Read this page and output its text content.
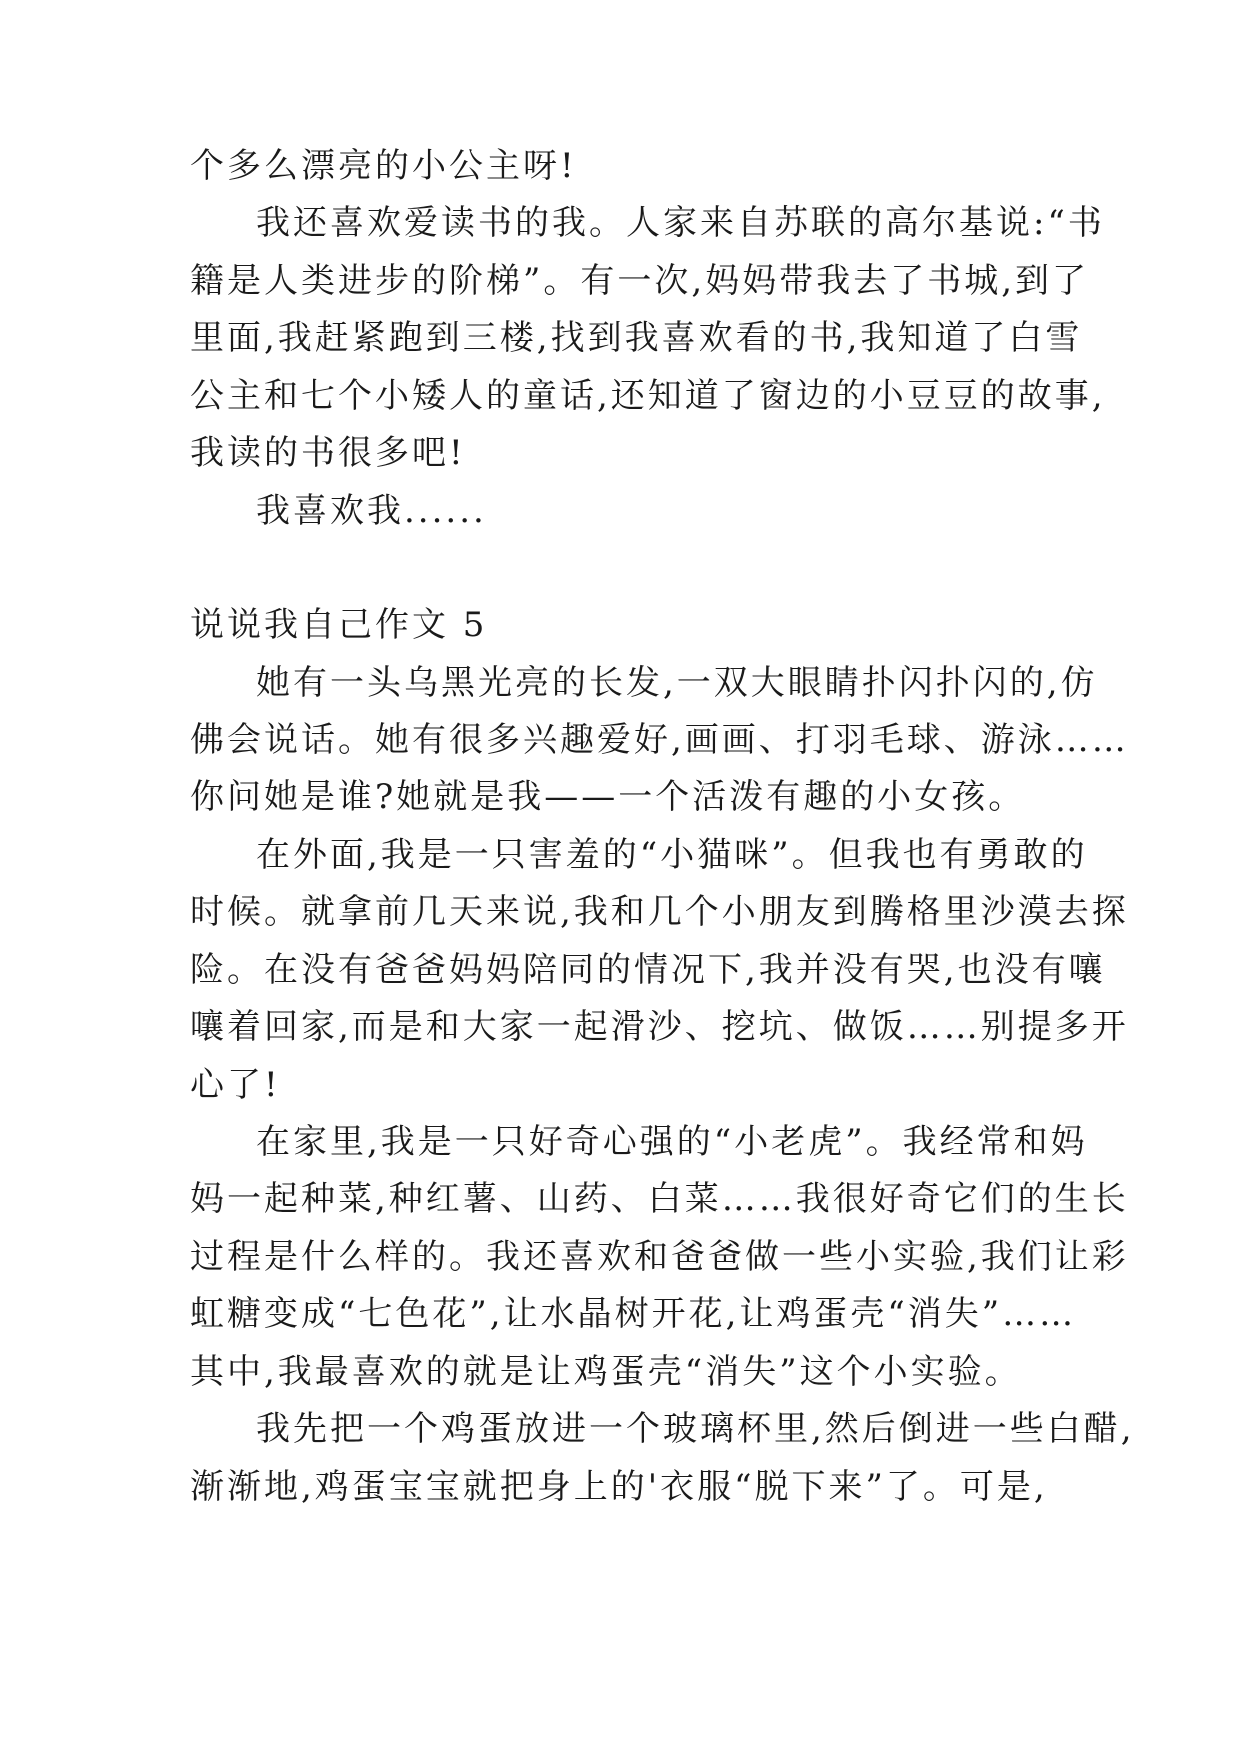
个多么漂亮的小公主呀!
我还喜欢爱读书的我。人家来自苏联的高尔基说:“书
籍是人类进步的阶梯”。有一次,妈妈带我去了书城,到了
里面,我赶紧跑到三楼,找到我喜欢看的书,我知道了白雪
公主和七个小矮人的童话,还知道了窗边的小豆豆的故事,
我读的书很多吧!
我喜欢我......
说说我自己作文 5
她有一头乌黑光亮的长发,一双大眼睛扑闪扑闪的,仿
佛会说话。她有很多兴趣爱好,画画、打羽毛球、游泳……
你问她是谁?她就是我——一个活泼有趣的小女孩。
在外面,我是一只害羞的“小猫咪”。但我也有勇敢的
时候。就拿前几天来说,我和几个小朋友到腾格里沙漠去探
险。在没有爸爸妈妈陪同的情况下,我并没有哭,也没有嚷
嚷着回家,而是和大家一起滑沙、挖坑、做饭……别提多开
心了!
在家里,我是一只好奇心强的“小老虎”。我经常和妈
妈一起种菜,种红薯、山药、白菜……我很好奇它们的生长
过程是什么样的。我还喜欢和爸爸做一些小实验,我们让彩
虹糖变成“七色花”,让水晶树开花,让鸡蛋壳“消失”……
其中,我最喜欢的就是让鸡蛋壳“消失”这个小实验。
我先把一个鸡蛋放进一个玻璃杯里,然后倒进一些白醋,
渐渐地,鸡蛋宝宝就把身上的'衣服“脱下来”了。可是,
